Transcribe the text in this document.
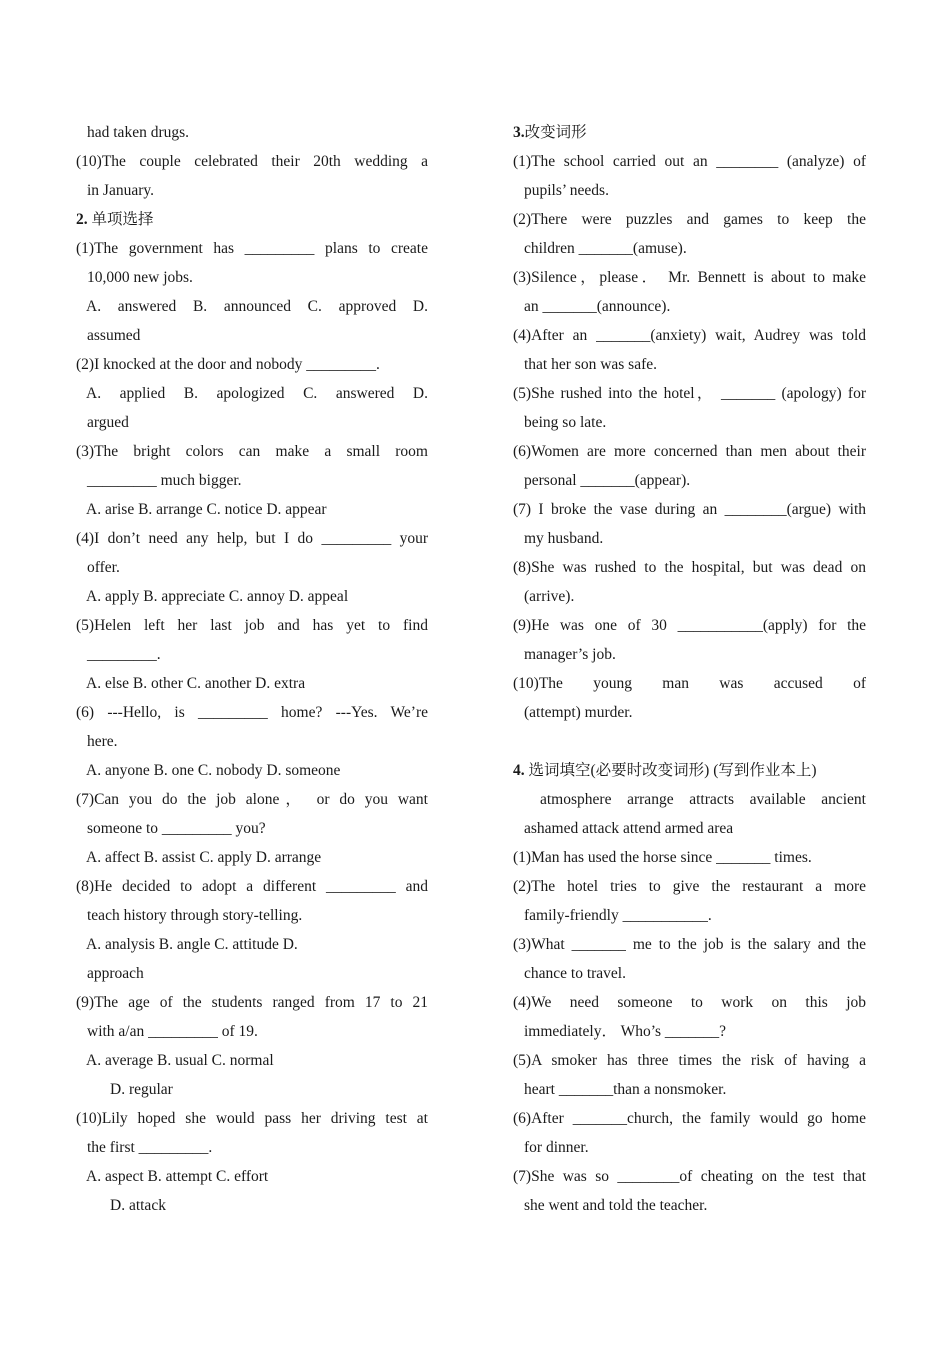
had taken drugs.
(10)The couple celebrated their 20th wedding a
in January.
2. 单项选择
(1)The government has _________ plans to create
10,000 new jobs.
A. answered B. announced C. approved D.
assumed
(2)I knocked at the door and nobody _________.
A. applied B. apologized C. answered D.
argued
(3)The bright colors can make a small room
_________ much bigger.
A. arise B. arrange C. notice D. appear
(4)I don’t need any help, but I do _________ your
offer.
A. apply B. appreciate C. annoy D. appeal
(5)Helen left her last job and has yet to find
_________.
A. else B. other C. another D. extra
(6) ---Hello, is _________ home? ---Yes. We’re
here.
A. anyone B. one C. nobody D. someone
(7)Can you do the job alone， or do you want
someone to _________ you?
A. affect B. assist C. apply D. arrange
(8)He decided to adopt a different _________ and
teach history through story-telling.
A. analysis B. angle C. attitude D.
approach
(9)The age of the students ranged from 17 to 21
with a/an _________ of 19.
A. average B. usual C. normal
D. regular
(10)Lily hoped she would pass her driving test at
the first _________.
A. aspect B. attempt C. effort
D. attack
3.改变词形
(1)The school carried out an ________ (analyze) of
pupils’ needs.
(2)There were puzzles and games to keep the
children _______(amuse).
(3)Silence，please． Mr. Bennett is about to make
an _______(announce).
(4)After an _______(anxiety) wait, Audrey was told
that her son was safe.
(5)She rushed into the hotel， _______ (apology) for
being so late.
(6)Women are more concerned than men about their
personal _______(appear).
(7) I broke the vase during an ________(argue) with
my husband.
(8)She was rushed to the hospital, but was dead on
(arrive).
(9)He was one of 30 ___________(apply) for the
manager’s job.
(10)The young man was accused of
(attempt) murder.
4. 选词填空(必要时改变词形) (写到作业本上)
atmosphere arrange attracts available ancient
ashamed attack attend armed area
(1)Man has used the horse since _______ times.
(2)The hotel tries to give the restaurant a more
family-friendly ___________.
(3)What _______ me to the job is the salary and the
chance to travel.
(4)We need someone to work on this job
immediately． Who’s _______?
(5)A smoker has three times the risk of having a
heart _______than a nonsmoker.
(6)After _______church, the family would go home
for dinner.
(7)She was so ________of cheating on the test that
she went and told the teacher.
